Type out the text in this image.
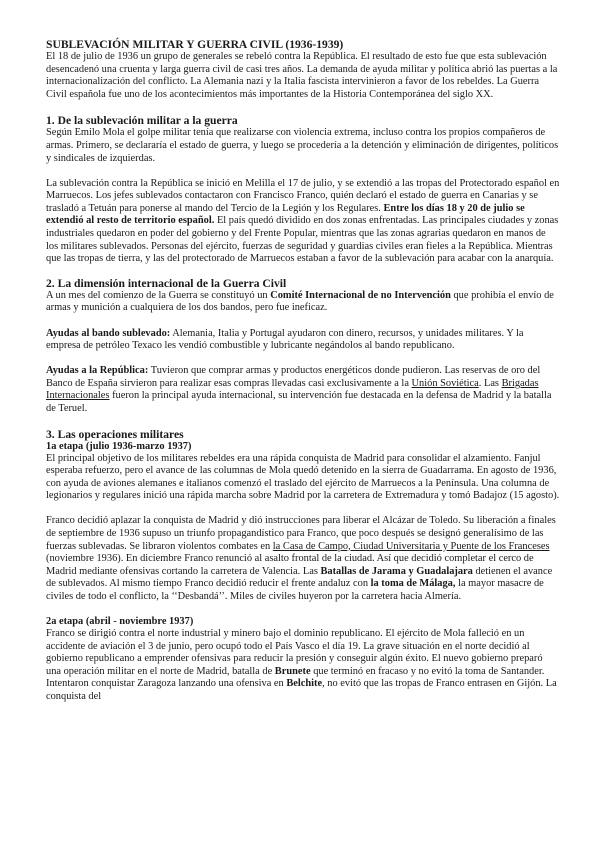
SUBLEVACIÓN MILITAR Y GUERRA CIVIL (1936-1939)

El 18 de julio de 1936 un grupo de generales se rebeló contra la República. El resultado de esto fue que esta sublevación desencadenó una cruenta y larga guerra civil de casi tres años. La demanda de ayuda militar y política abrió las puertas a la internacionalización del conflicto. La Alemania nazi y la Italia fascista intervinieron a favor de los rebeldes. La Guerra Civil española fue uno de los acontecimientos más importantes de la Historia Contemporánea del siglo XX.

1. De la sublevación militar a la guerra

Según Emilo Mola el golpe militar tenía que realizarse con violencia extrema, incluso contra los propios compañeros de armas. Primero, se declararía el estado de guerra, y luego se procedería a la detención y eliminación de dirigentes, políticos y sindicales de izquierdas.

La sublevación contra la República se inició en Melilla el 17 de julio, y se extendió a las tropas del Protectorado español en Marruecos. Los jefes sublevados contactaron con Francisco Franco, quién declaró el estado de guerra en Canarias y se trasladó a Tetuán para ponerse al mando del Tercio de la Legión y los Regulares. Entre los días 18 y 20 de julio se extendió al resto de territorio español. El país quedó dividido en dos zonas enfrentadas. Las principales ciudades y zonas industriales quedaron en poder del gobierno y del Frente Popular, mientras que las zonas agrarias quedaron en manos de los militares sublevados. Personas del ejército, fuerzas de seguridad y guardias civiles eran fieles a la República. Mientras que las tropas de tierra, y las del protectorado de Marruecos estaban a favor de la sublevación para acabar con la anarquía.

2. La dimensión internacional de la Guerra Civil

A un mes del comienzo de la Guerra se constituyó un Comité Internacional de no Intervención que prohibía el envío de armas y munición a cualquiera de los dos bandos, pero fue ineficaz.

Ayudas al bando sublevado: Alemania, Italia y Portugal ayudaron con dinero, recursos, y unidades militares. Y la empresa de petróleo Texaco les vendió combustible y lubricante negándolos al bando republicano.

Ayudas a la República: Tuvieron que comprar armas y productos energéticos donde pudieron. Las reservas de oro del Banco de España sirvieron para realizar esas compras llevadas casi exclusivamente a la Unión Soviética. Las Brigadas Internacionales fueron la principal ayuda internacional, su intervención fue destacada en la defensa de Madrid y la batalla de Teruel.

3. Las operaciones militares
1a etapa (julio 1936-marzo 1937)

El principal objetivo de los militares rebeldes era una rápida conquista de Madrid para consolidar el alzamiento. Fanjul esperaba refuerzo, pero el avance de las columnas de Mola quedó detenido en la sierra de Guadarrama. En agosto de 1936, con ayuda de aviones alemanes e italianos comenzó el traslado del ejército de Marruecos a la Península. Una columna de legionarios y regulares inició una rápida marcha sobre Madrid por la carretera de Extremadura y tomó Badajoz (15 agosto).

Franco decidió aplazar la conquista de Madrid y dió instrucciones para liberar el Alcázar de Toledo. Su liberación a finales de septiembre de 1936 supuso un triunfo propagandístico para Franco, que poco después se designó generalísimo de las fuerzas sublevadas. Se libraron violentos combates en la Casa de Campo, Ciudad Universitaria y Puente de los Franceses (noviembre 1936). En diciembre Franco renunció al asalto frontal de la ciudad. Así que decidió completar el cerco de Madrid mediante ofensivas cortando la carretera de Valencia. Las Batallas de Jarama y Guadalajara detienen el avance de sublevados. Al mismo tiempo Franco decidió reducir el frente andaluz con la toma de Málaga, la mayor masacre de civiles de todo el conflicto, la ‘‘Desbandá’’. Miles de civiles huyeron por la carretera hacia Almería.

2a etapa (abril - noviembre 1937)

Franco se dirigió contra el norte industrial y minero bajo el dominio republicano. El ejército de Mola falleció en un accidente de aviación el 3 de junio, pero ocupó todo el País Vasco el día 19. La grave situación en el norte decidió al gobierno republicano a emprender ofensivas para reducir la presión y conseguir algún éxito. El nuevo gobierno preparó una operación militar en el norte de Madrid, batalla de Brunete que terminó en fracaso y no evitó la toma de Santander. Intentaron conquistar Zaragoza lanzando una ofensiva en Belchite, no evitó que las tropas de Franco entrasen en Gijón. La conquista del
